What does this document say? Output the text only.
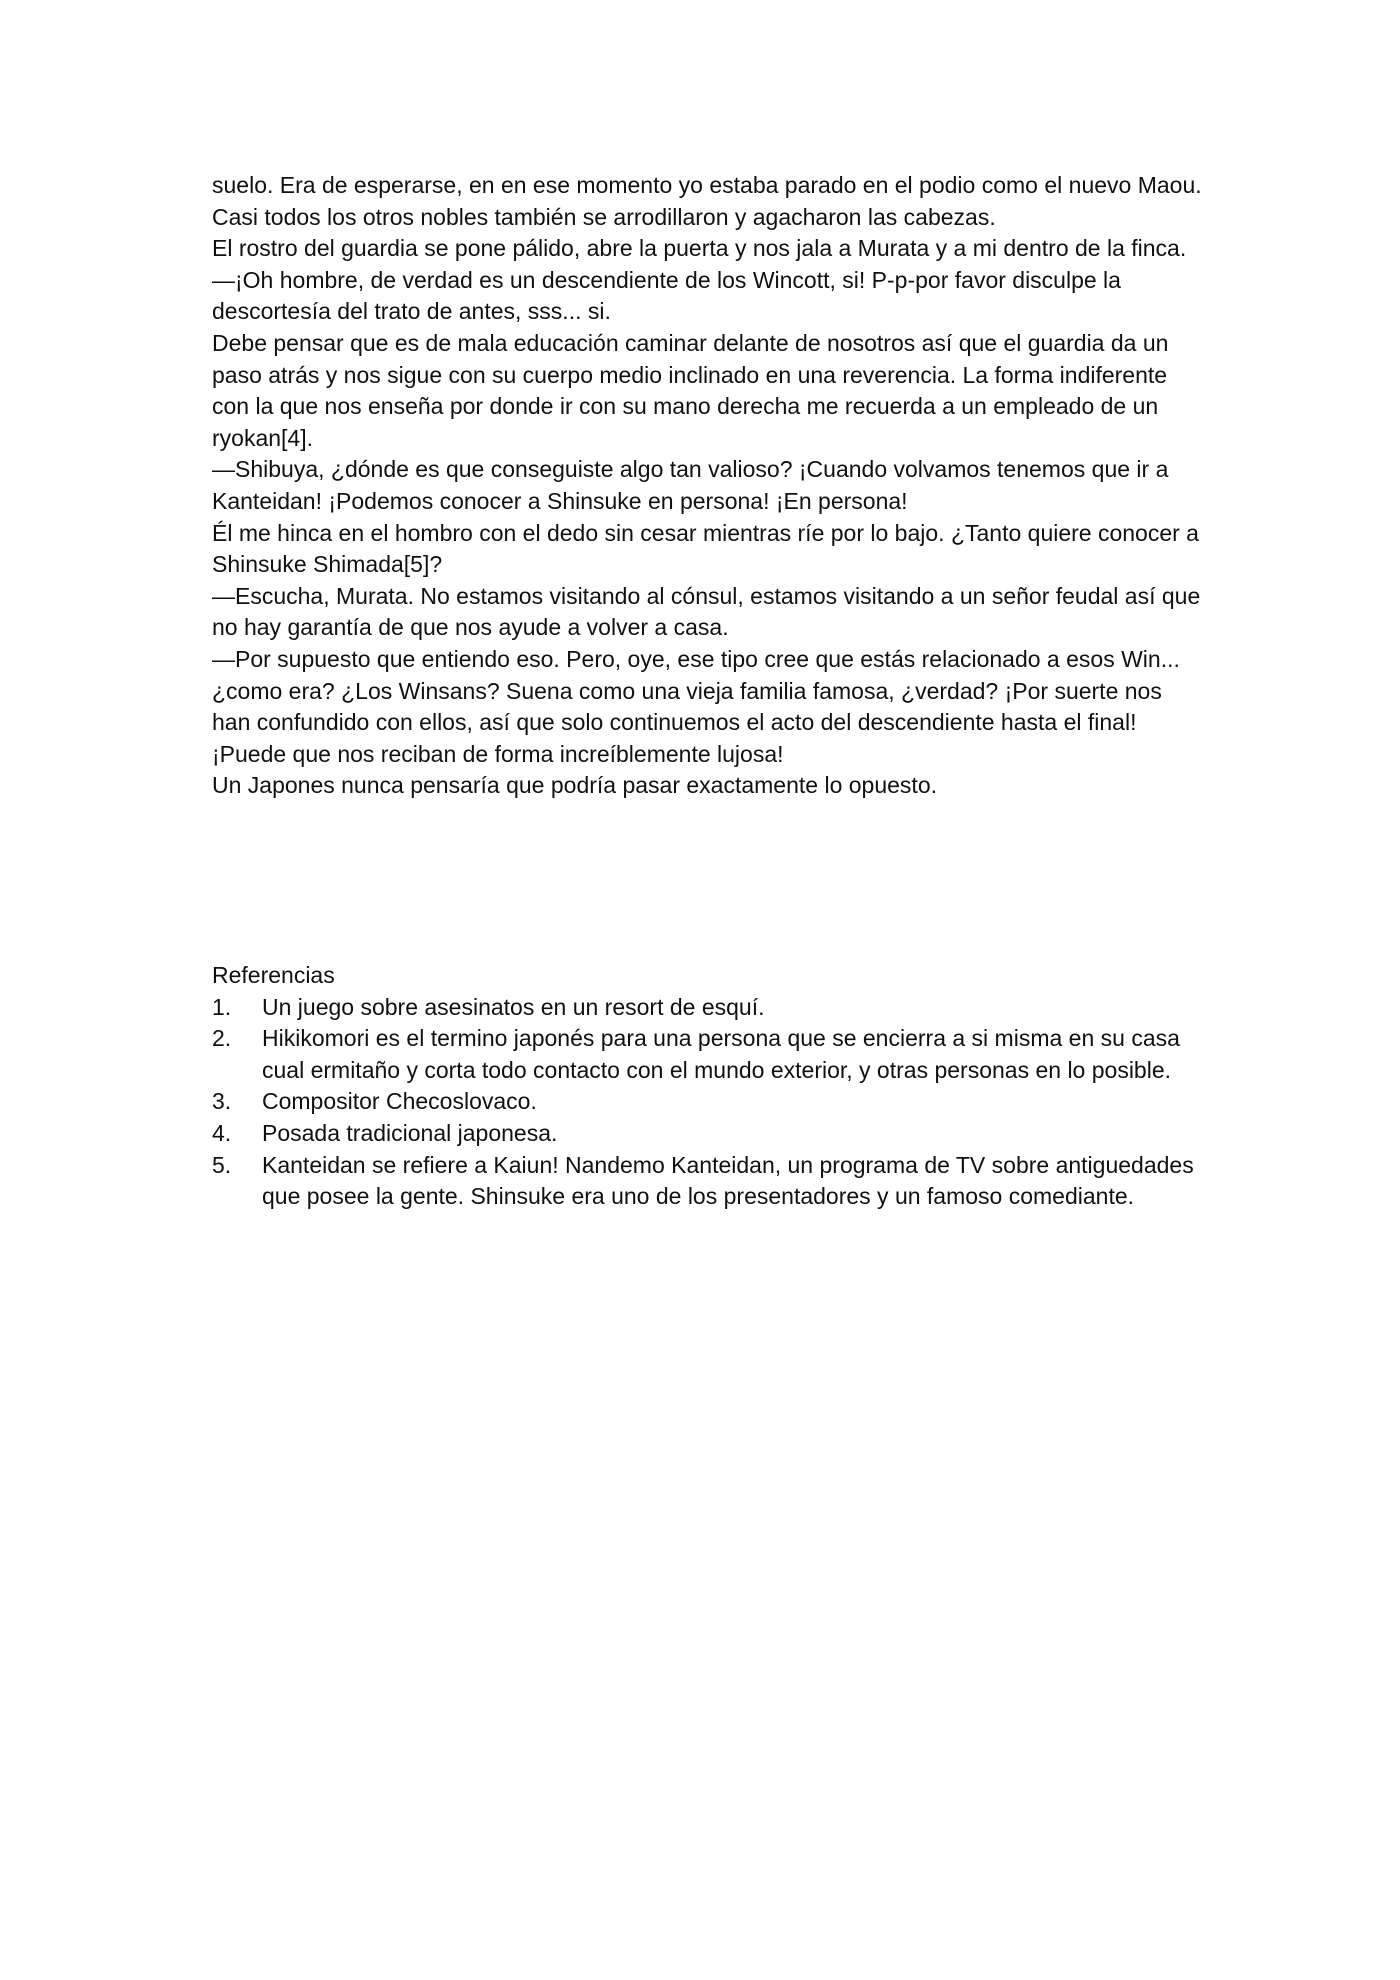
suelo. Era de esperarse, en en ese momento yo estaba parado en el podio como el nuevo Maou. Casi todos los otros nobles también se arrodillaron y agacharon las cabezas.

El rostro del guardia se pone pálido, abre la puerta y nos jala a Murata y a mi dentro de la finca.

—¡Oh hombre, de verdad es un descendiente de los Wincott, si! P-p-por favor disculpe la descortesía del trato de antes, sss... si.

Debe pensar que es de mala educación caminar delante de nosotros así que el guardia da un paso atrás y nos sigue con su cuerpo medio inclinado en una reverencia. La forma indiferente con la que nos enseña por donde ir con su mano derecha me recuerda a un empleado de un ryokan[4].

—Shibuya, ¿dónde es que conseguiste algo tan valioso? ¡Cuando volvamos tenemos que ir a Kanteidan! ¡Podemos conocer a Shinsuke en persona! ¡En persona!

Él me hinca en el hombro con el dedo sin cesar mientras ríe por lo bajo. ¿Tanto quiere conocer a Shinsuke Shimada[5]?

—Escucha, Murata. No estamos visitando al cónsul, estamos visitando a un señor feudal así que no hay garantía de que nos ayude a volver a casa.

—Por supuesto que entiendo eso. Pero, oye, ese tipo cree que estás relacionado a esos Win... ¿como era? ¿Los Winsans? Suena como una vieja familia famosa, ¿verdad? ¡Por suerte nos han confundido con ellos, así que solo continuemos el acto del descendiente hasta el final! ¡Puede que nos reciban de forma increíblemente lujosa!

Un Japones nunca pensaría que podría pasar exactamente lo opuesto.

Referencias

1.	Un juego sobre asesinatos en un resort de esquí.
2.	Hikikomori es el termino japonés para una persona que se encierra a si misma en su casa cual ermitaño y corta todo contacto con el mundo exterior, y otras personas en lo posible.
3.	Compositor Checoslovaco.
4.	Posada tradicional japonesa.
5.	Kanteidan se refiere a Kaiun! Nandemo Kanteidan, un programa de TV sobre antiguedades que posee la gente. Shinsuke era uno de los presentadores y un famoso comediante.
